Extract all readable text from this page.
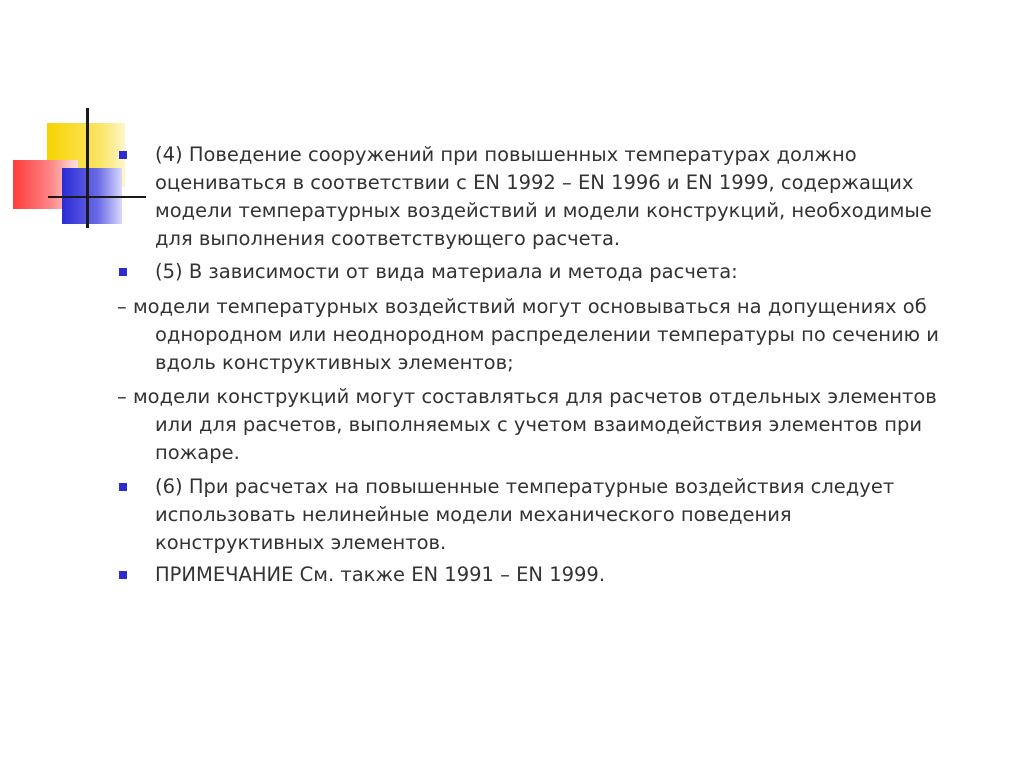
(4) Поведение сооружений при повышенных температурах должно
оцениваться в соответствии с EN 1992 – EN 1996 и EN 1999, содержащих
модели температурных воздействий и модели конструкций, необходимые
для выполнения соответствующего расчета.
(5) В зависимости от вида материала и метода расчета:
– модели температурных воздействий могут основываться на допущениях об
однородном или неоднородном распределении температуры по сечению и
вдоль конструктивных элементов;
– модели конструкций могут составляться для расчетов отдельных элементов
или для расчетов, выполняемых с учетом взаимодействия элементов при
пожаре.
(6) При расчетах на повышенные температурные воздействия следует
использовать нелинейные модели механического поведения
конструктивных элементов.
ПРИМЕЧАНИЕ См. также EN 1991 – EN 1999.
